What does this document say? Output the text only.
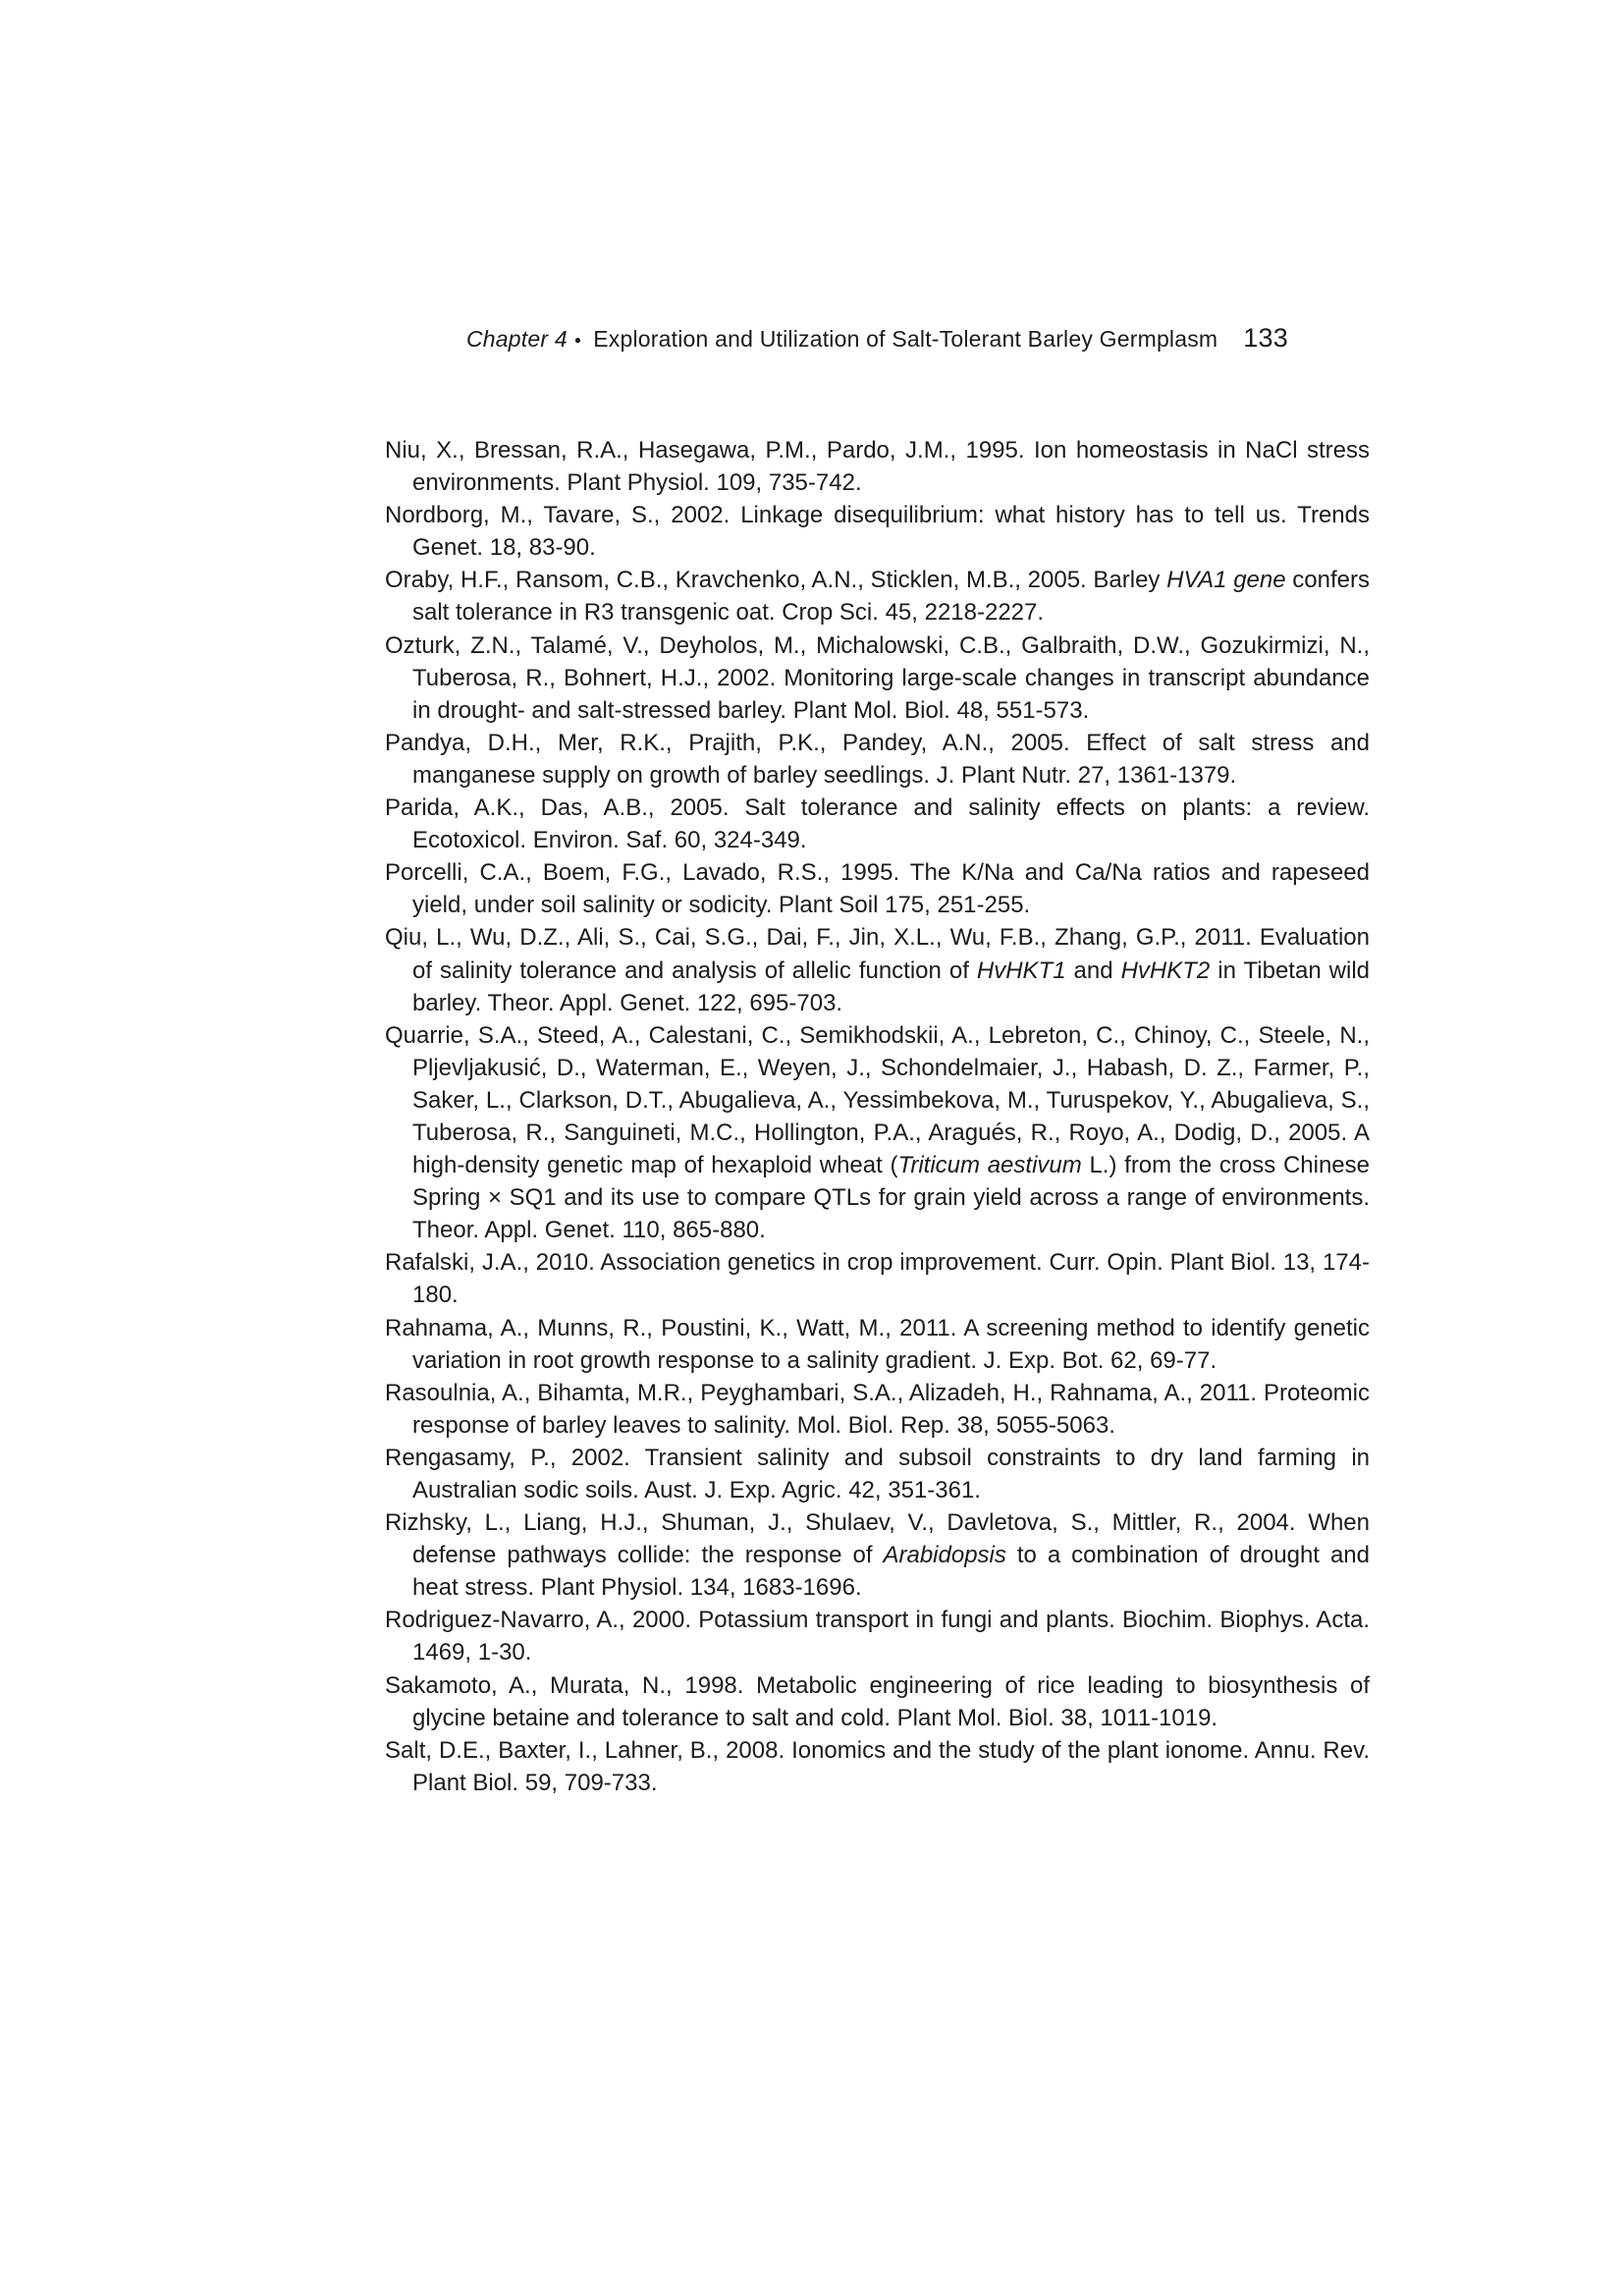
Chapter 4 ● Exploration and Utilization of Salt-Tolerant Barley Germplasm 133

Niu, X., Bressan, R.A., Hasegawa, P.M., Pardo, J.M., 1995. Ion homeostasis in NaCl stress environments. Plant Physiol. 109, 735-742.

Nordborg, M., Tavare, S., 2002. Linkage disequilibrium: what history has to tell us. Trends Genet. 18, 83-90.

Oraby, H.F., Ransom, C.B., Kravchenko, A.N., Sticklen, M.B., 2005. Barley HVA1 gene confers salt tolerance in R3 transgenic oat. Crop Sci. 45, 2218-2227.

Ozturk, Z.N., Talamé, V., Deyholos, M., Michalowski, C.B., Galbraith, D.W., Gozukirmizi, N., Tuberosa, R., Bohnert, H.J., 2002. Monitoring large-scale changes in transcript abundance in drought- and salt-stressed barley. Plant Mol. Biol. 48, 551-573.

Pandya, D.H., Mer, R.K., Prajith, P.K., Pandey, A.N., 2005. Effect of salt stress and manganese supply on growth of barley seedlings. J. Plant Nutr. 27, 1361-1379.

Parida, A.K., Das, A.B., 2005. Salt tolerance and salinity effects on plants: a review. Ecotoxicol. Environ. Saf. 60, 324-349.

Porcelli, C.A., Boem, F.G., Lavado, R.S., 1995. The K/Na and Ca/Na ratios and rapeseed yield, under soil salinity or sodicity. Plant Soil 175, 251-255.

Qiu, L., Wu, D.Z., Ali, S., Cai, S.G., Dai, F., Jin, X.L., Wu, F.B., Zhang, G.P., 2011. Evaluation of salinity tolerance and analysis of allelic function of HvHKT1 and HvHKT2 in Tibetan wild barley. Theor. Appl. Genet. 122, 695-703.

Quarrie, S.A., Steed, A., Calestani, C., Semikhodskii, A., Lebreton, C., Chinoy, C., Steele, N., Pljevljakusić, D., Waterman, E., Weyen, J., Schondelmaier, J., Habash, D. Z., Farmer, P., Saker, L., Clarkson, D.T., Abugalieva, A., Yessimbekova, M., Turuspekov, Y., Abugalieva, S., Tuberosa, R., Sanguineti, M.C., Hollington, P.A., Aragués, R., Royo, A., Dodig, D., 2005. A high-density genetic map of hexaploid wheat (Triticum aestivum L.) from the cross Chinese Spring × SQ1 and its use to compare QTLs for grain yield across a range of environments. Theor. Appl. Genet. 110, 865-880.

Rafalski, J.A., 2010. Association genetics in crop improvement. Curr. Opin. Plant Biol. 13, 174-180.

Rahnama, A., Munns, R., Poustini, K., Watt, M., 2011. A screening method to identify genetic variation in root growth response to a salinity gradient. J. Exp. Bot. 62, 69-77.

Rasoulnia, A., Bihamta, M.R., Peyghambari, S.A., Alizadeh, H., Rahnama, A., 2011. Proteomic response of barley leaves to salinity. Mol. Biol. Rep. 38, 5055-5063.

Rengasamy, P., 2002. Transient salinity and subsoil constraints to dry land farming in Australian sodic soils. Aust. J. Exp. Agric. 42, 351-361.

Rizhsky, L., Liang, H.J., Shuman, J., Shulaev, V., Davletova, S., Mittler, R., 2004. When defense pathways collide: the response of Arabidopsis to a combination of drought and heat stress. Plant Physiol. 134, 1683-1696.

Rodriguez-Navarro, A., 2000. Potassium transport in fungi and plants. Biochim. Biophys. Acta. 1469, 1-30.

Sakamoto, A., Murata, N., 1998. Metabolic engineering of rice leading to biosynthesis of glycine betaine and tolerance to salt and cold. Plant Mol. Biol. 38, 1011-1019.

Salt, D.E., Baxter, I., Lahner, B., 2008. Ionomics and the study of the plant ionome. Annu. Rev. Plant Biol. 59, 709-733.
